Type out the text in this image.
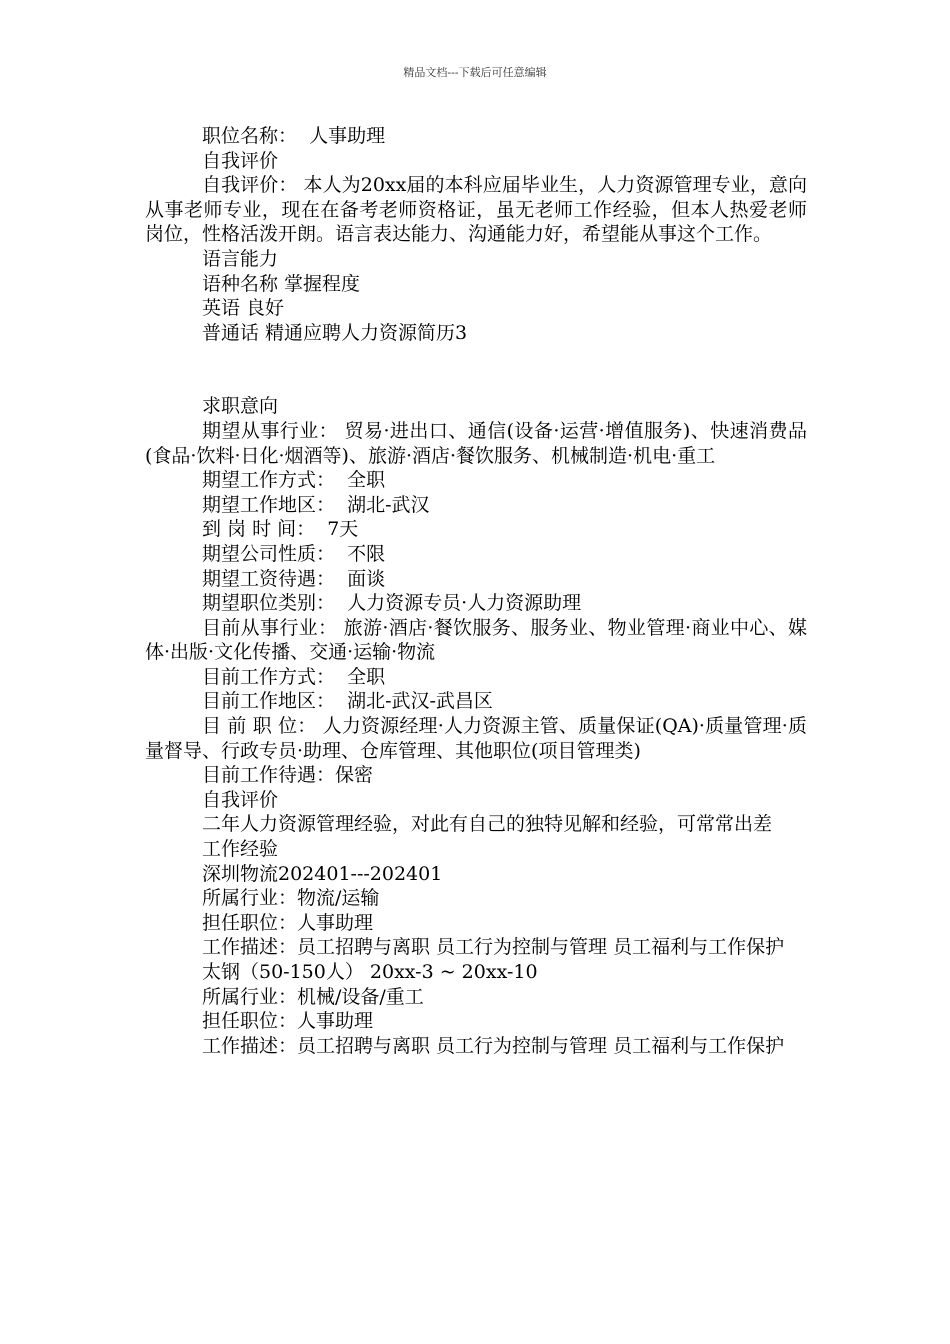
精品文档---下载后可任意编辑
职位名称：  人事助理
自我评价
自我评价： 本人为20xx届的本科应届毕业生，人力资源管理专业，意向从事老师专业，现在在备考老师资格证，虽无老师工作经验，但本人热爱老师岗位，性格活泼开朗。语言表达能力、沟通能力好，希望能从事这个工作。
语言能力
语种名称 掌握程度
英语 良好
普通话 精通应聘人力资源简历3
求职意向
期望从事行业： 贸易·进出口、通信(设备·运营·增值服务)、快速消费品(食品·饮料·日化·烟酒等)、旅游·酒店·餐饮服务、机械制造·机电·重工
期望工作方式：  全职
期望工作地区：  湖北-武汉
到 岗 时 间：  7天
期望公司性质：  不限
期望工资待遇：  面谈
期望职位类别：  人力资源专员·人力资源助理
目前从事行业： 旅游·酒店·餐饮服务、服务业、物业管理·商业中心、媒体·出版·文化传播、交通·运输·物流
目前工作方式：  全职
目前工作地区：  湖北-武汉-武昌区
目 前 职 位： 人力资源经理·人力资源主管、质量保证(QA)·质量管理·质量督导、行政专员·助理、仓库管理、其他职位(项目管理类)
目前工作待遇：保密
自我评价
二年人力资源管理经验，对此有自己的独特见解和经验，可常常出差
工作经验
深圳物流202401---202401
所属行业：物流/运输
担任职位：人事助理
工作描述：员工招聘与离职 员工行为控制与管理 员工福利与工作保护
太钢（50-150人） 20xx-3 ~ 20xx-10
所属行业：机械/设备/重工
担任职位：人事助理
工作描述：员工招聘与离职 员工行为控制与管理 员工福利与工作保护
